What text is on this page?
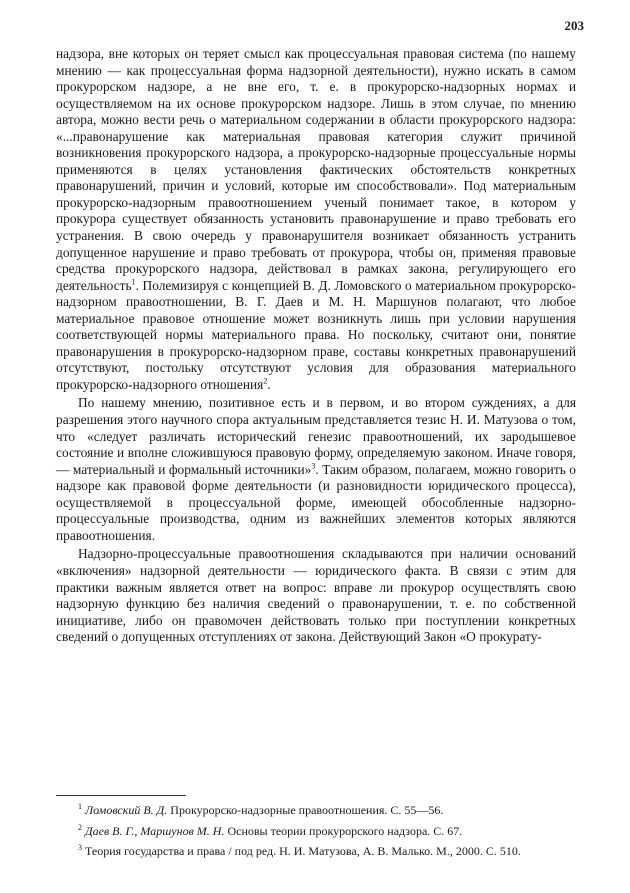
203

надзора, вне которых он теряет смысл как процессуальная правовая система (по нашему мнению — как процессуальная форма надзорной деятельности), нужно искать в самом прокурорском надзоре, а не вне его, т. е. в прокурорско-надзорных нормах и осуществляемом на их основе прокурорском надзоре. Лишь в этом случае, по мнению автора, можно вести речь о материальном содержании в области прокурорского надзора: «...правонарушение как материальная правовая категория служит причиной возникновения прокурорского надзора, а прокурорско-надзорные процессуальные нормы применяются в целях установления фактических обстоятельств конкретных правонарушений, причин и условий, которые им способствовали». Под материальным прокурорско-надзорным правоотношением ученый понимает такое, в котором у прокурора существует обязанность установить правонарушение и право требовать его устранения. В свою очередь у правонарушителя возникает обязанность устранить допущенное нарушение и право требовать от прокурора, чтобы он, применяя правовые средства прокурорского надзора, действовал в рамках закона, регулирующего его деятельность$^1$. Полемизируя с концепцией В. Д. Ломовского о материальном прокурорско-надзорном правоотношении, В. Г. Даев и М. Н. Маршунов полагают, что любое материальное правовое отношение может возникнуть лишь при условии нарушения соответствующей нормы материального права. Но поскольку, считают они, понятие правонарушения в прокурорско-надзорном праве, составы конкретных правонарушений отсутствуют, постольку отсутствуют условия для образования материального прокурорско-надзорного отношения$^2$.

По нашему мнению, позитивное есть и в первом, и во втором суждениях, а для разрешения этого научного спора актуальным представляется тезис Н. И. Матузова о том, что «следует различать исторический генезис правоотношений, их зародышевое состояние и вполне сложившуюся правовую форму, определяемую законом. Иначе говоря, — материальный и формальный источники»$^3$. Таким образом, полагаем, можно говорить о надзоре как правовой форме деятельности (и разновидности юридического процесса), осуществляемой в процессуальной форме, имеющей обособленные надзорно-процессуальные производства, одним из важнейших элементов которых являются правоотношения.

Надзорно-процессуальные правоотношения складываются при наличии оснований «включения» надзорной деятельности — юридического факта. В связи с этим для практики важным является ответ на вопрос: вправе ли прокурор осуществлять свою надзорную функцию без наличия сведений о правонарушении, т. е. по собственной инициативе, либо он правомочен действовать только при поступлении конкретных сведений о допущенных отступлениях от закона. Действующий Закон «О прокурату-

$^1$ Ломовский В. Д. Прокурорско-надзорные правоотношения. С. 55—56.

$^2$ Даев В. Г., Маршунов М. Н. Основы теории прокурорского надзора. С. 67.

$^3$ Теория государства и права / под ред. Н. И. Матузова, А. В. Малько. М., 2000. С. 510.
